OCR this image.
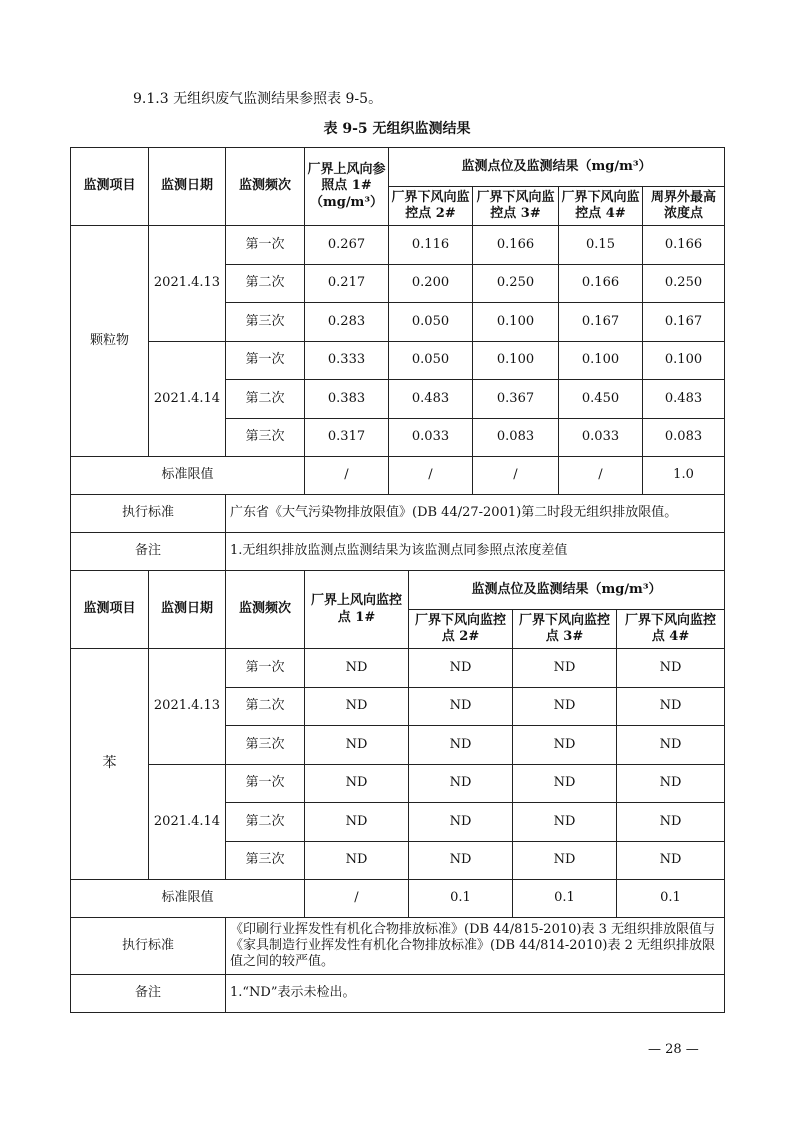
9.1.3 无组织废气监测结果参照表 9-5。
表 9-5 无组织监测结果
监测项目	监测日期	监测频次	厂界上风向参照点 1#（mg/m³）	监测点位及监测结果（mg/m³）			
				厂界下风向监控点 2#	厂界下风向监控点 3#	厂界下风向监控点 4#	周界外最高浓度点
颗粒物	2021.4.13	第一次	0.267	0.116	0.166	0.15	0.166
		第二次	0.217	0.200	0.250	0.166	0.250
		第三次	0.283	0.050	0.100	0.167	0.167
	2021.4.14	第一次	0.333	0.050	0.100	0.100	0.100
		第二次	0.383	0.483	0.367	0.450	0.483
		第三次	0.317	0.033	0.083	0.033	0.083
标准限值			/	/	/	/	1.0
执行标准		广东省《大气污染物排放限值》(DB 44/27-2001)第二时段无组织排放限值。					
备注		1.无组织排放监测点监测结果为该监测点同参照点浓度差值					
监测项目	监测日期	监测频次	厂界上风向监控点 1#	监测点位及监测结果（mg/m³）		
				厂界下风向监控点 2#	厂界下风向监控点 3#	厂界下风向监控点 4#
苯	2021.4.13	第一次	ND	ND	ND	ND
		第二次	ND	ND	ND	ND
		第三次	ND	ND	ND	ND
	2021.4.14	第一次	ND	ND	ND	ND
		第二次	ND	ND	ND	ND
		第三次	ND	ND	ND	ND
标准限值			/	0.1	0.1	0.1
执行标准		《印刷行业挥发性有机化合物排放标准》(DB 44/815-2010)表 3 无组织排放限值与《家具制造行业挥发性有机化合物排放标准》(DB 44/814-2010)表 2 无组织排放限值之间的较严值。				
备注		1.“ND”表示未检出。				
— 28 —
